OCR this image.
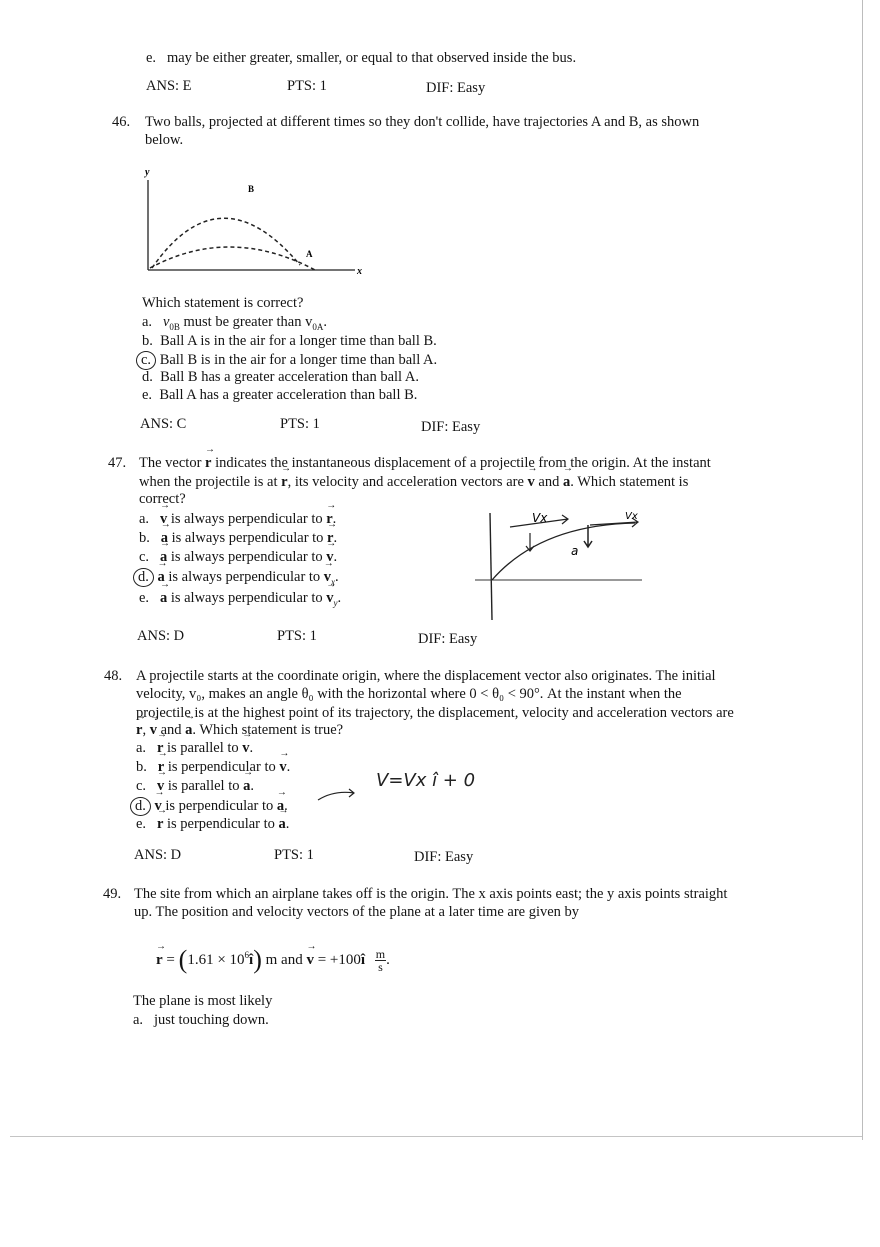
e. may be either greater, smaller, or equal to that observed inside the bus.
ANS: E	PTS: 1	DIF: Easy
46. Two balls, projected at different times so they don't collide, have trajectories A and B, as shown
below.
y
x
B
A
Which statement is correct?
a. $v_{0B}$ must be greater than $v_{0A}$.
b. Ball A is in the air for a longer time than ball B.
c. Ball B is in the air for a longer time than ball A.
d. Ball B has a greater acceleration than ball A.
e. Ball A has a greater acceleration than ball B.
ANS: C	PTS: 1	DIF: Easy
47. The vector → r indicates the instantaneous displacement of a projectile from the origin. At the instant
when the projectile is at → r, its velocity and acceleration vectors are → v and → a. Which statement is
correct?
a. → v is always perpendicular to → r.
b. → a is always perpendicular to → r.
c. → a is always perpendicular to → v.
d. → a is always perpendicular to → $v_x$.
e. → a is always perpendicular to → $v_y$.
Vx	Vx
a
ANS: D	PTS: 1	DIF: Easy
48. A projectile starts at the coordinate origin, where the displacement vector also originates. The initial
velocity, v₀, makes an angle θ₀ with the horizontal where 0 < θ₀ < 90°. At the instant when the
projectile is at the highest point of its trajectory, the displacement, velocity and acceleration vectors are
→ r, → v and → a. Which statement is true?
a. → r is parallel to → v.
b. → r is perpendicular to → v.
c. → v is parallel to → a.
d. → v is perpendicular to → a.
e. → r is perpendicular to → a.
V=Vx î + 0
ANS: D	PTS: 1	DIF: Easy
49. The site from which an airplane takes off is the origin. The x axis points east; the y axis points straight
up. The position and velocity vectors of the plane at a later time are given by
→ $r = (1.61 \times 10^6î)$ m and → v = +100î $\frac{m}{s}$ .
The plane is most likely
a. just touching down.
